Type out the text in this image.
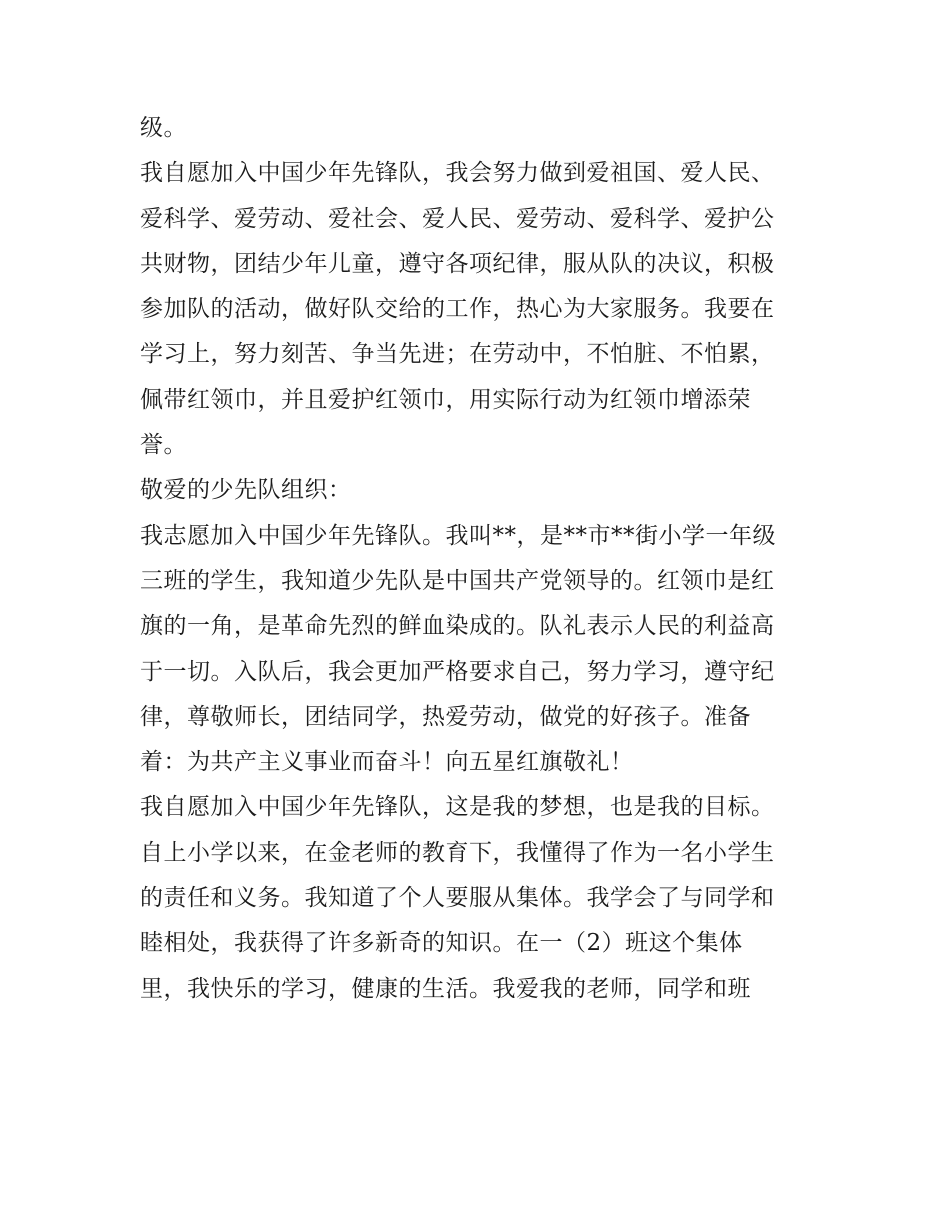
级。
我自愿加入中国少年先锋队，我会努力做到爱祖国、爱人民、
爱科学、爱劳动、爱社会、爱人民、爱劳动、爱科学、爱护公
共财物，团结少年儿童，遵守各项纪律，服从队的决议，积极
参加队的活动，做好队交给的工作，热心为大家服务。我要在
学习上，努力刻苦、争当先进；在劳动中，不怕脏、不怕累，
佩带红领巾，并且爱护红领巾，用实际行动为红领巾增添荣
誉。
敬爱的少先队组织：
我志愿加入中国少年先锋队。我叫**，是**市**街小学一年级
三班的学生，我知道少先队是中国共产党领导的。红领巾是红
旗的一角，是革命先烈的鲜血染成的。队礼表示人民的利益高
于一切。入队后，我会更加严格要求自己，努力学习，遵守纪
律，尊敬师长，团结同学，热爱劳动，做党的好孩子。准备
着：为共产主义事业而奋斗！向五星红旗敬礼！
我自愿加入中国少年先锋队，这是我的梦想，也是我的目标。
自上小学以来，在金老师的教育下，我懂得了作为一名小学生
的责任和义务。我知道了个人要服从集体。我学会了与同学和
睦相处，我获得了许多新奇的知识。在一（2）班这个集体
里，我快乐的学习，健康的生活。我爱我的老师，同学和班
